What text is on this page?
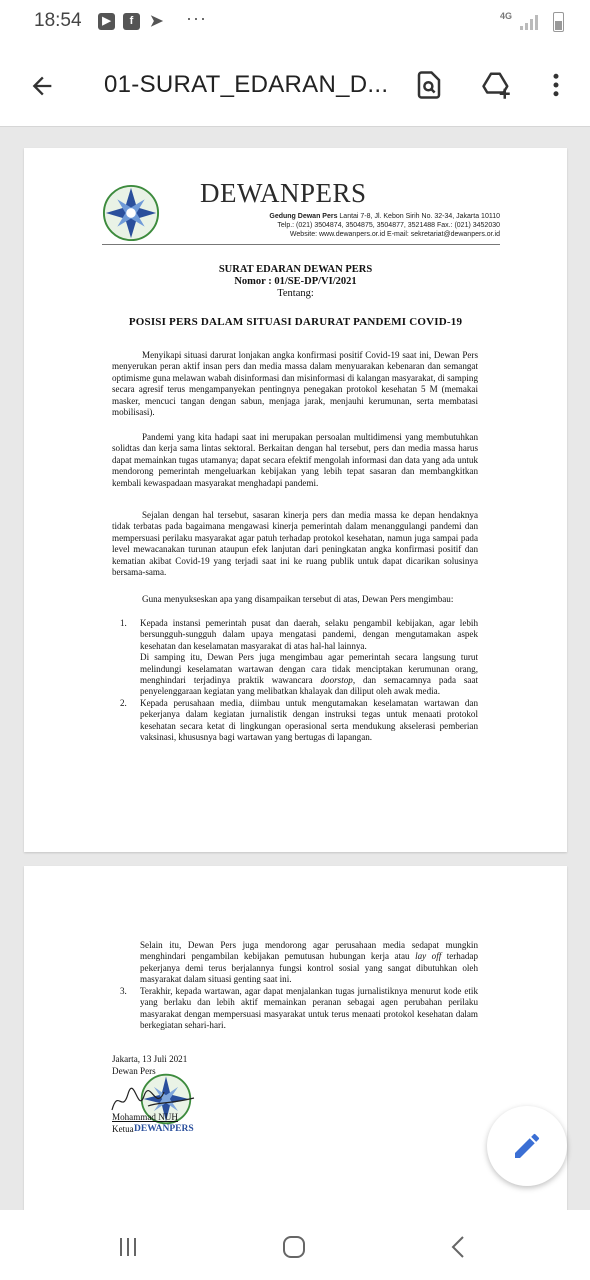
18:54	▶	f	➤ ···	4G
01-SURAT_EDARAN_D...
DEWANPERS
Gedung Dewan Pers Lantai 7-8, Jl. Kebon Sirih No. 32-34, Jakarta 10110
Telp.: (021) 3504874, 3504875, 3504877, 3521488 Fax.: (021) 3452030
Website: www.dewanpers.or.id E-mail: sekretariat@dewanpers.or.id
SURAT EDARAN DEWAN PERS
Nomor : 01/SE-DP/VI/2021
Tentang:
POSISI PERS DALAM SITUASI DARURAT PANDEMI COVID-19

Menyikapi situasi darurat lonjakan angka konfirmasi positif Covid-19 saat ini, Dewan Pers menyerukan peran aktif insan pers dan media massa dalam menyuarakan kebenaran dan semangat optimisme guna melawan wabah disinformasi dan misinformasi di kalangan masyarakat, di samping secara agresif terus mengampanyekan pentingnya penegakan protokol kesehatan 5 M (memakai masker, mencuci tangan dengan sabun, menjaga jarak, menjauhi kerumunan, serta membatasi mobilisasi).

Pandemi yang kita hadapi saat ini merupakan persoalan multidimensi yang membutuhkan solidtas dan kerja sama lintas sektoral. Berkaitan dengan hal tersebut, pers dan media massa harus dapat memainkan tugas utamanya; dapat secara efektif mengolah informasi dan data yang ada untuk mendorong pemerintah mengeluarkan kebijakan yang lebih tepat sasaran dan membangkitkan kembali kewaspadaan masyarakat menghadapi pandemi.

Sejalan dengan hal tersebut, sasaran kinerja pers dan media massa ke depan hendaknya tidak terbatas pada bagaimana mengawasi kinerja pemerintah dalam menanggulangi pandemi dan mempersuasi perilaku masyarakat agar patuh terhadap protokol kesehatan, namun juga sampai pada level mewacanakan turunan ataupun efek lanjutan dari peningkatan angka konfirmasi positif dan kematian akibat Covid-19 yang terjadi saat ini ke ruang publik untuk dapat dicarikan solusinya bersama-sama.

Guna menyukseskan apa yang disampaikan tersebut di atas, Dewan Pers mengimbau:

1. Kepada instansi pemerintah pusat dan daerah, selaku pengambil kebijakan, agar lebih bersungguh-sungguh dalam upaya mengatasi pandemi, dengan mengutamakan aspek kesehatan dan keselamatan masyarakat di atas hal-hal lainnya.

Di samping itu, Dewan Pers juga mengimbau agar pemerintah secara langsung turut melindungi keselamatan wartawan dengan cara tidak menciptakan kerumunan orang, menghindari terjadinya praktik wawancara doorstop, dan semacamnya pada saat penyelenggaraan kegiatan yang melibatkan khalayak dan diliput oleh awak media.

2. Kepada perusahaan media, diimbau untuk mengutamakan keselamatan wartawan dan pekerjanya dalam kegiatan jurnalistik dengan instruksi tegas untuk menaati protokol kesehatan secara ketat di lingkungan operasional serta mendukung akselerasi pemberian vaksinasi, khususnya bagi wartawan yang bertugas di lapangan.

Selain itu, Dewan Pers juga mendorong agar perusahaan media sedapat mungkin menghindari pengambilan kebijakan pemutusan hubungan kerja atau lay off terhadap pekerjanya demi terus berjalannya fungsi kontrol sosial yang sangat dibutuhkan oleh masyarakat dalam situasi genting saat ini.

3. Terakhir, kepada wartawan, agar dapat menjalankan tugas jurnalistiknya menurut kode etik yang berlaku dan lebih aktif memainkan peranan sebagai agen perubahan perilaku masyarakat dengan mempersuasi masyarakat untuk terus menaati protokol kesehatan dalam berkegiatan sehari-hari.

Jakarta, 13 Juli 2021
Dewan Pers
Mohammad NUH
Ketua DEWANPERS
